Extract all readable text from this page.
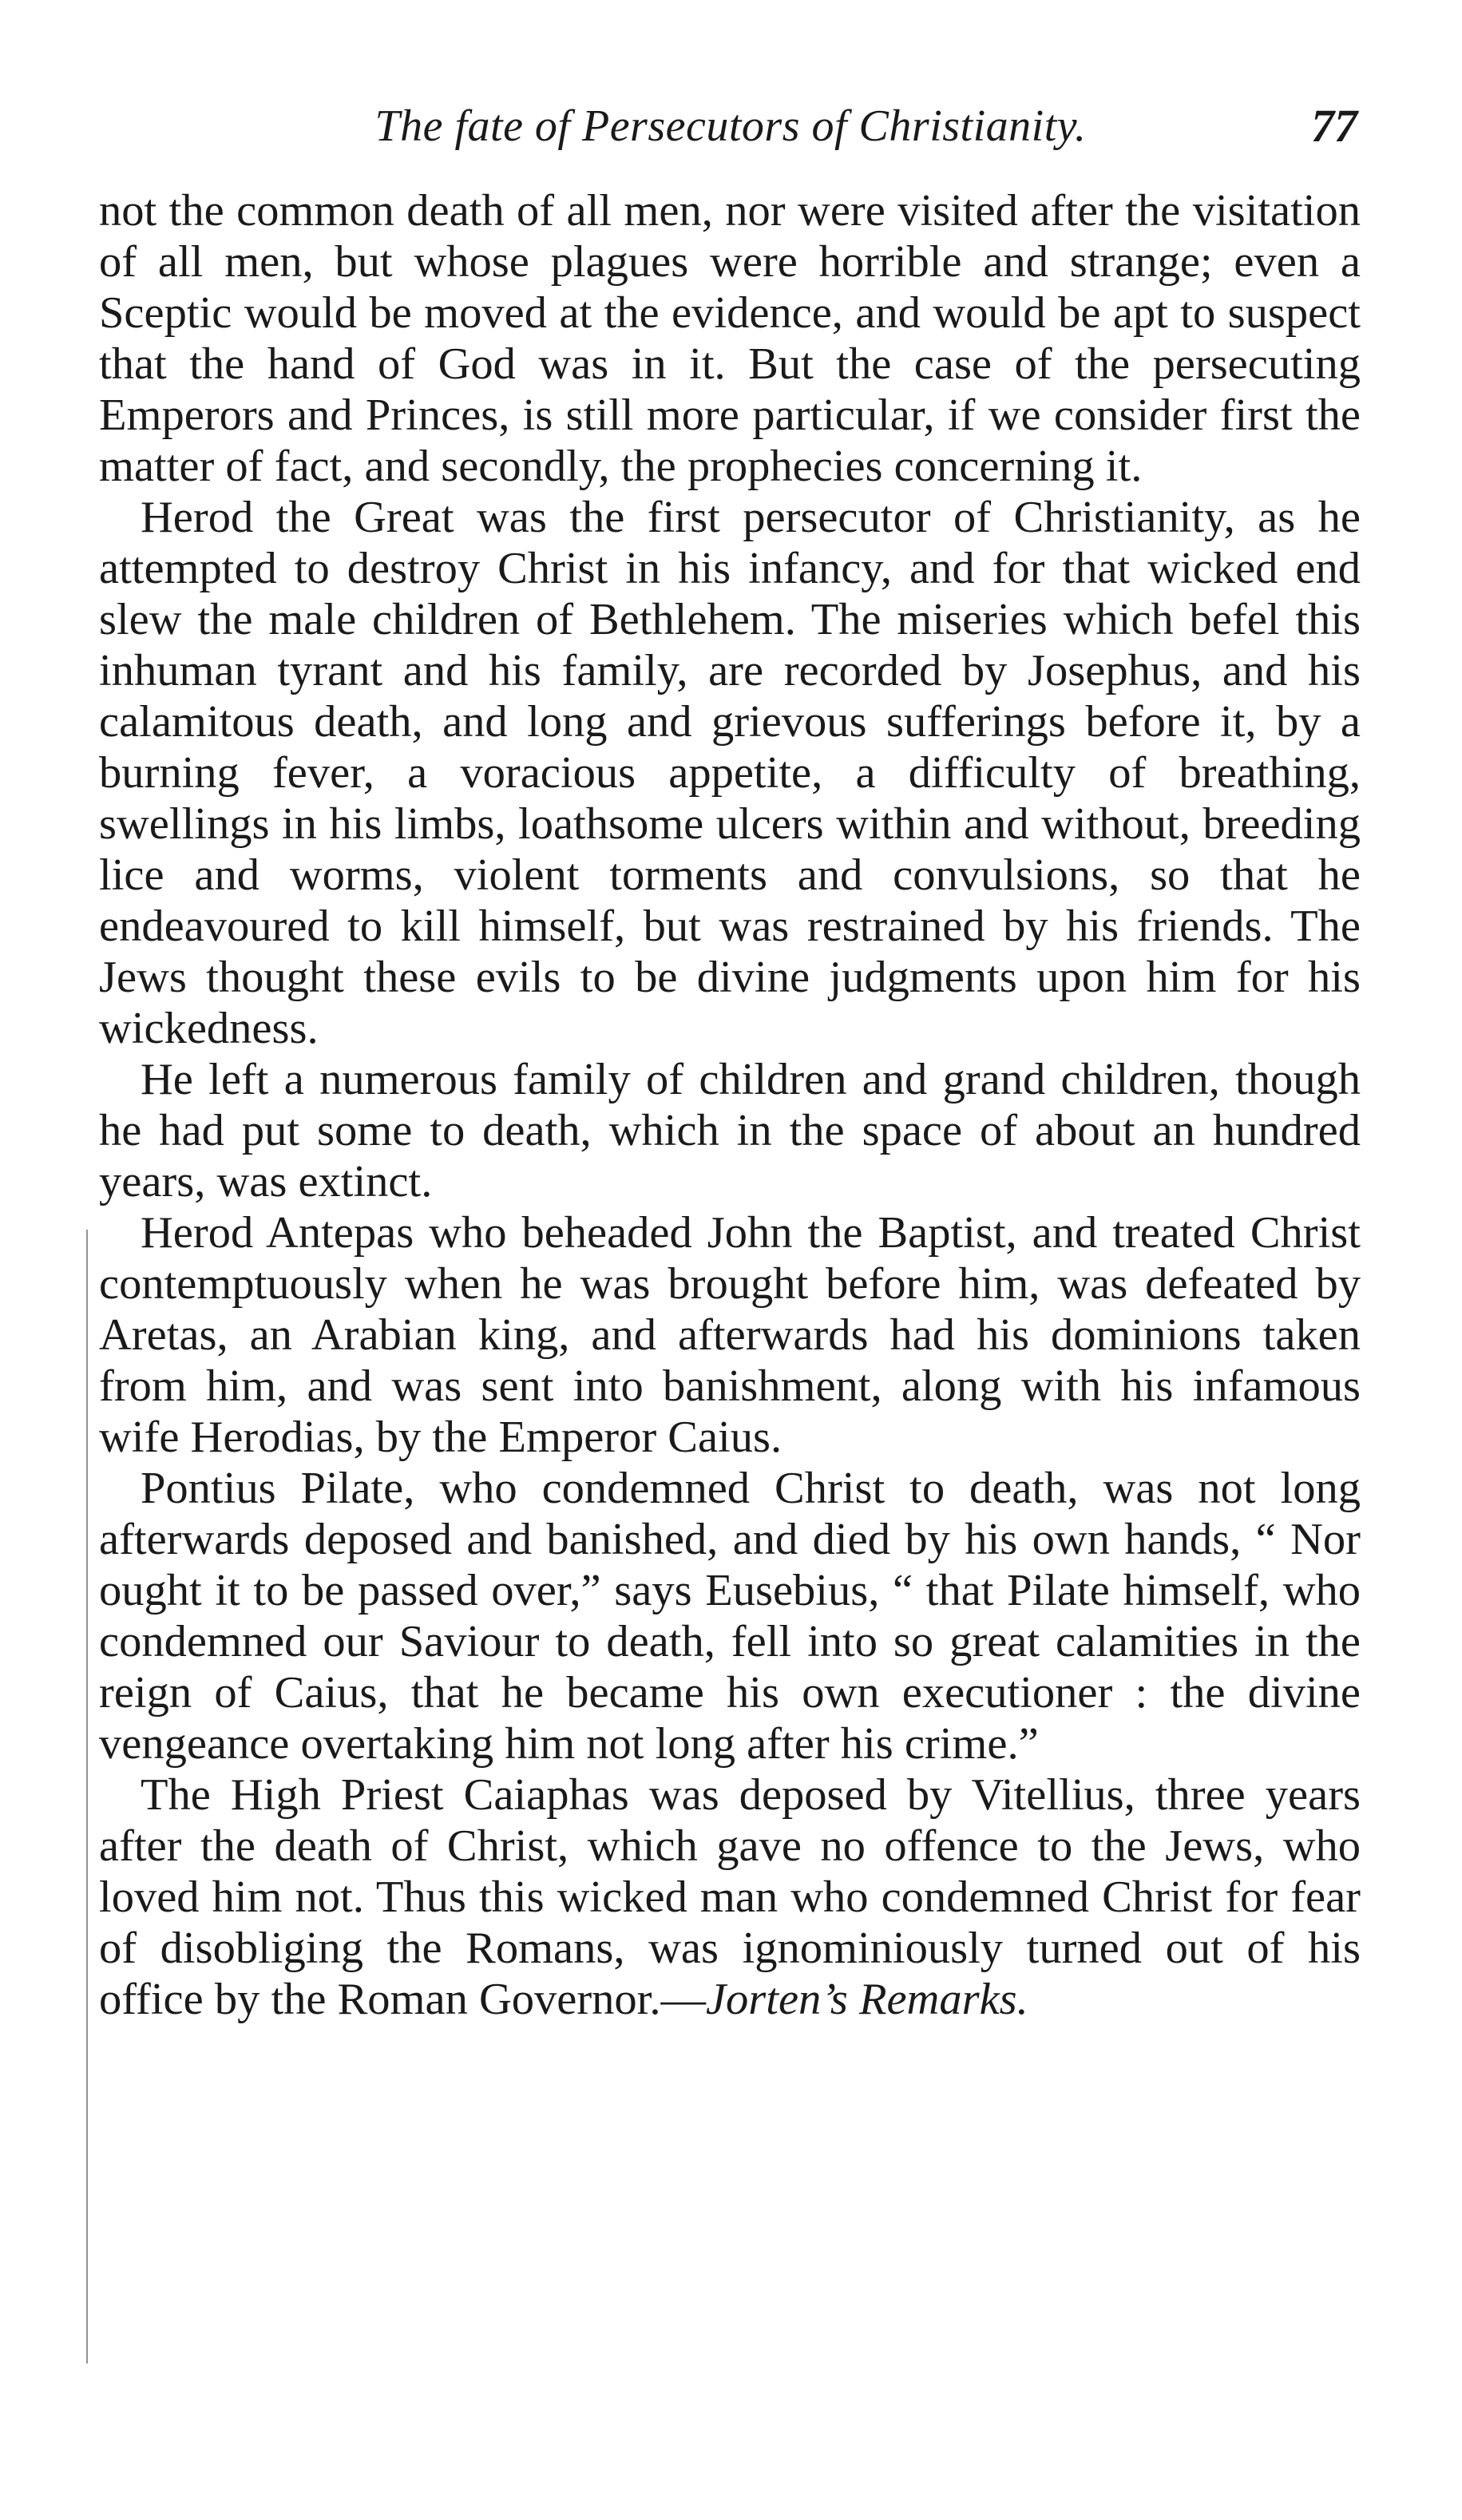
The fate of Persecutors of Christianity.	77

not the common death of all men, nor were visited after the visitation of all men, but whose plagues were horrible and strange; even a Sceptic would be moved at the evidence, and would be apt to suspect that the hand of God was in it. But the case of the persecuting Emperors and Princes, is still more particular, if we consider first the matter of fact, and secondly, the prophecies concerning it.

Herod the Great was the first persecutor of Christianity, as he attempted to destroy Christ in his infancy, and for that wicked end slew the male children of Bethlehem. The miseries which befel this inhuman tyrant and his family, are recorded by Josephus, and his calamitous death, and long and grievous sufferings before it, by a burning fever, a voracious appetite, a difficulty of breathing, swellings in his limbs, loathsome ulcers within and without, breeding lice and worms, violent torments and convulsions, so that he endeavoured to kill himself, but was restrained by his friends. The Jews thought these evils to be divine judgments upon him for his wickedness.

He left a numerous family of children and grand children, though he had put some to death, which in the space of about an hundred years, was extinct.

Herod Antepas who beheaded John the Baptist, and treated Christ contemptuously when he was brought before him, was defeated by Aretas, an Arabian king, and afterwards had his dominions taken from him, and was sent into banishment, along with his infamous wife Herodias, by the Emperor Caius.

Pontius Pilate, who condemned Christ to death, was not long afterwards deposed and banished, and died by his own hands, “ Nor ought it to be passed over,” says Eusebius, “ that Pilate himself, who condemned our Saviour to death, fell into so great calamities in the reign of Caius, that he became his own executioner : the divine vengeance overtaking him not long after his crime.”

The High Priest Caiaphas was deposed by Vitellius, three years after the death of Christ, which gave no offence to the Jews, who loved him not. Thus this wicked man who condemned Christ for fear of disobliging the Romans, was ignominiously turned out of his office by the Roman Governor.—Jorten’s Remarks.
